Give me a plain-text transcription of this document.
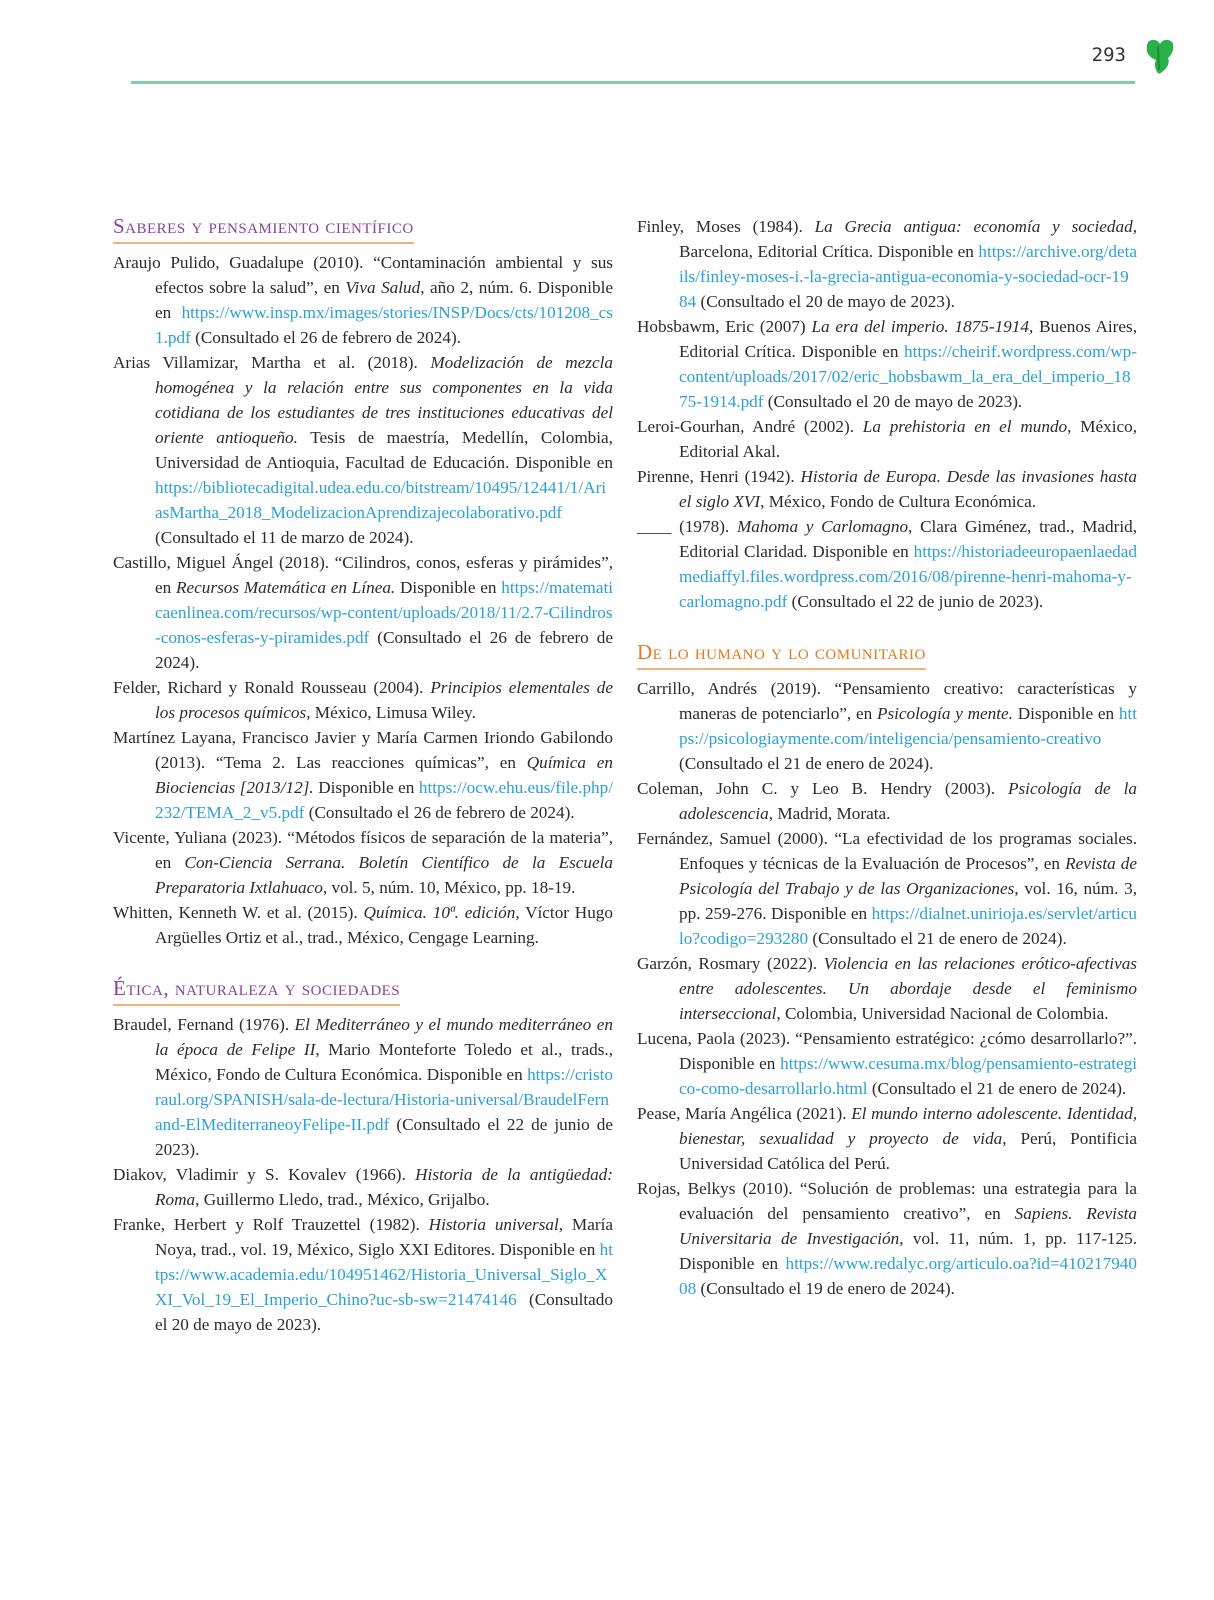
293
Saberes y pensamiento científico

Araujo Pulido, Guadalupe (2010). “Contaminación ambiental y sus efectos sobre la salud”, en Viva Salud, año 2, núm. 6. Disponible en https://www.insp.mx/images/stories/INSP/Docs/cts/101208_cs1.pdf (Consultado el 26 de febrero de 2024).

Arias Villamizar, Martha et al. (2018). Modelización de mezcla homogénea y la relación entre sus componentes en la vida cotidiana de los estudiantes de tres instituciones educativas del oriente antioqueño. Tesis de maestría, Medellín, Colombia, Universidad de Antioquia, Facultad de Educación. Disponible en https://bibliotecadigital.udea.edu.co/bitstream/10495/12441/1/AriasMartha_2018_ModelizacionAprendizajecolaborativo.pdf (Consultado el 11 de marzo de 2024).

Castillo, Miguel Ángel (2018). “Cilindros, conos, esferas y pirámides”, en Recursos Matemática en Línea. Disponible en https://matematicaenlinea.com/recursos/wp-content/uploads/2018/11/2.7-Cilindros-conos-esferas-y-piramides.pdf (Consultado el 26 de febrero de 2024).

Felder, Richard y Ronald Rousseau (2004). Principios elementales de los procesos químicos, México, Limusa Wiley.

Martínez Layana, Francisco Javier y María Carmen Iriondo Gabilondo (2013). “Tema 2. Las reacciones químicas”, en Química en Biociencias [2013/12]. Disponible en https://ocw.ehu.eus/file.php/232/TEMA_2_v5.pdf (Consultado el 26 de febrero de 2024).

Vicente, Yuliana (2023). “Métodos físicos de separación de la materia”, en Con-Ciencia Serrana. Boletín Científico de la Escuela Preparatoria Ixtlahuaco, vol. 5, núm. 10, México, pp. 18-19.

Whitten, Kenneth W. et al. (2015). Química. 10ª. edición, Víctor Hugo Argüelles Ortiz et al., trad., México, Cengage Learning.

Ética, naturaleza y sociedades

Braudel, Fernand (1976). El Mediterráneo y el mundo mediterráneo en la época de Felipe II, Mario Monteforte Toledo et al., trads., México, Fondo de Cultura Económica. Disponible en https://cristoraul.org/SPANISH/sala-de-lectura/Historia-universal/BraudelFernand-ElMediterraneoyFelipe-II.pdf (Consultado el 22 de junio de 2023).

Diakov, Vladimir y S. Kovalev (1966). Historia de la antigüedad: Roma, Guillermo Lledo, trad., México, Grijalbo.

Franke, Herbert y Rolf Trauzettel (1982). Historia universal, María Noya, trad., vol. 19, México, Siglo XXI Editores. Disponible en https://www.academia.edu/104951462/Historia_Universal_Siglo_XXI_Vol_19_El_Imperio_Chino?uc-sb-sw=21474146 (Consultado el 20 de mayo de 2023).

Finley, Moses (1984). La Grecia antigua: economía y sociedad, Barcelona, Editorial Crítica. Disponible en https://archive.org/details/finley-moses-i.-la-grecia-antigua-economia-y-sociedad-ocr-1984 (Consultado el 20 de mayo de 2023).

Hobsbawm, Eric (2007) La era del imperio. 1875-1914, Buenos Aires, Editorial Crítica. Disponible en https://cheirif.wordpress.com/wp-content/uploads/2017/02/eric_hobsbawm_la_era_del_imperio_1875-1914.pdf (Consultado el 20 de mayo de 2023).

Leroi-Gourhan, André (2002). La prehistoria en el mundo, México, Editorial Akal.

Pirenne, Henri (1942). Historia de Europa. Desde las invasiones hasta el siglo XVI, México, Fondo de Cultura Económica.

____ (1978). Mahoma y Carlomagno, Clara Giménez, trad., Madrid, Editorial Claridad. Disponible en https://historiadeeuropaenlaedadmediaffyl.files.wordpress.com/2016/08/pirenne-henri-mahoma-y-carlomagno.pdf (Consultado el 22 de junio de 2023).

De lo humano y lo comunitario

Carrillo, Andrés (2019). “Pensamiento creativo: características y maneras de potenciarlo”, en Psicología y mente. Disponible en https://psicologiaymente.com/inteligencia/pensamiento-creativo (Consultado el 21 de enero de 2024).

Coleman, John C. y Leo B. Hendry (2003). Psicología de la adolescencia, Madrid, Morata.

Fernández, Samuel (2000). “La efectividad de los programas sociales. Enfoques y técnicas de la Evaluación de Procesos”, en Revista de Psicología del Trabajo y de las Organizaciones, vol. 16, núm. 3, pp. 259-276. Disponible en https://dialnet.unirioja.es/servlet/articulo?codigo=293280 (Consultado el 21 de enero de 2024).

Garzón, Rosmary (2022). Violencia en las relaciones erótico-afectivas entre adolescentes. Un abordaje desde el feminismo interseccional, Colombia, Universidad Nacional de Colombia.

Lucena, Paola (2023). “Pensamiento estratégico: ¿cómo desarrollarlo?”. Disponible en https://www.cesuma.mx/blog/pensamiento-estrategico-como-desarrollarlo.html (Consultado el 21 de enero de 2024).

Pease, María Angélica (2021). El mundo interno adolescente. Identidad, bienestar, sexualidad y proyecto de vida, Perú, Pontificia Universidad Católica del Perú.

Rojas, Belkys (2010). “Solución de problemas: una estrategia para la evaluación del pensamiento creativo”, en Sapiens. Revista Universitaria de Investigación, vol. 11, núm. 1, pp. 117-125. Disponible en https://www.redalyc.org/articulo.oa?id=41021794008 (Consultado el 19 de enero de 2024).
